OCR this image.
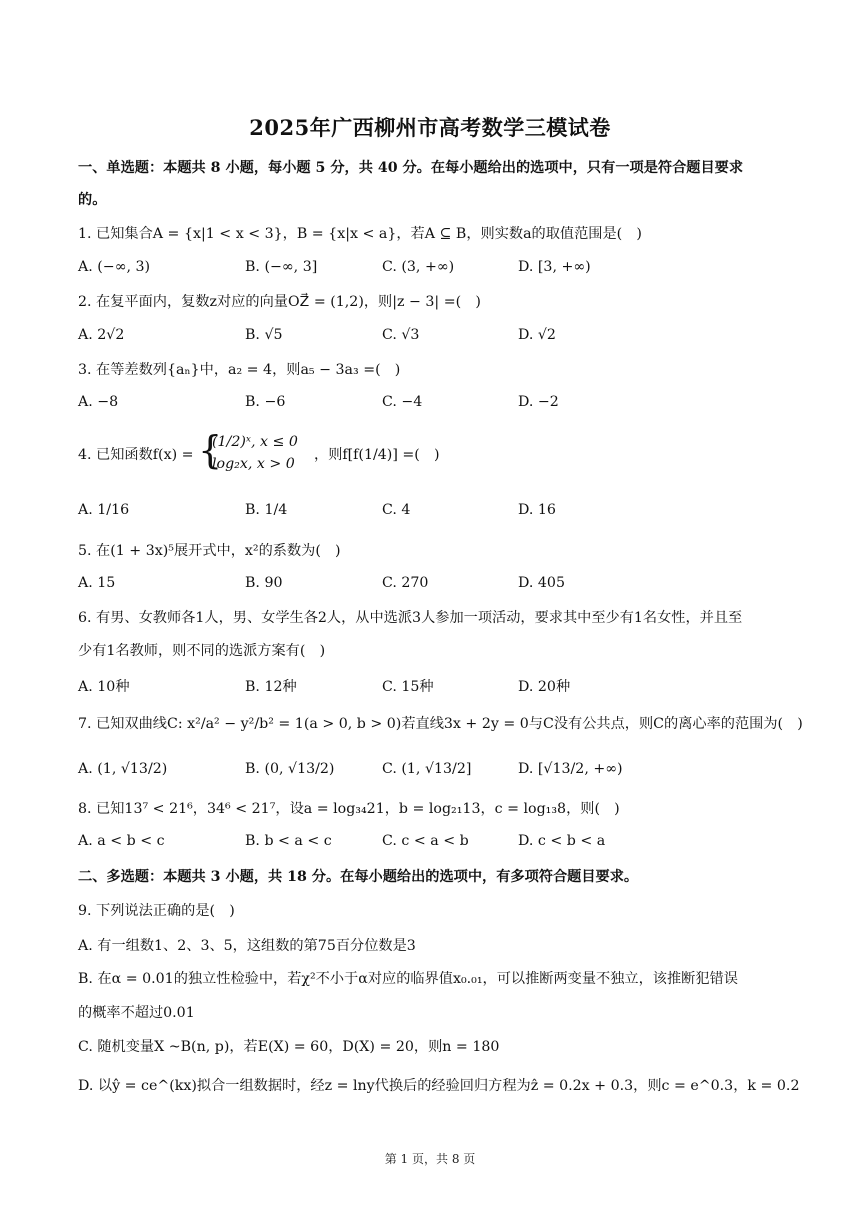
2025年广西柳州市高考数学三模试卷
一、单选题：本题共 8 小题，每小题 5 分，共 40 分。在每小题给出的选项中，只有一项是符合题目要求
的。
1. 已知集合A = {x|1 < x < 3}，B = {x|x < a}，若A ⊆ B，则实数a的取值范围是(　)
A. (−∞, 3)	B. (−∞, 3]	C. (3, +∞)	D. [3, +∞)
2. 在复平面内，复数z对应的向量OZ⃗ = (1,2)，则|z − 3| =(　)
A. 2√2	B. √5	C. √3	D. √2
3. 在等差数列{aₙ}中，a₂ = 4，则a₅ − 3a₃ =(　)
A. −8	B. −6	C. −4	D. −2
4. 已知函数f(x) = {
(1/2)ˣ, x ≤ 0
log₂x, x > 0
，则f[f(1/4)] =(　)
A. 1/16	B. 1/4	C. 4	D. 16
5. 在(1 + 3x)⁵展开式中，x²的系数为(　)
A. 15	B. 90	C. 270	D. 405
6. 有男、女教师各1人，男、女学生各2人，从中选派3人参加一项活动，要求其中至少有1名女性，并且至
少有1名教师，则不同的选派方案有(　)
A. 10种	B. 12种	C. 15种	D. 20种
7. 已知双曲线C: x²/a² − y²/b² = 1(a > 0, b > 0)若直线3x + 2y = 0与C没有公共点，则C的离心率的范围为(　)
A. (1, √13/2)	B. (0, √13/2)	C. (1, √13/2]	D. [√13/2, +∞)
8. 已知13⁷ < 21⁶，34⁶ < 21⁷，设a = log₃₄21，b = log₂₁13，c = log₁₃8，则(　)
A. a < b < c	B. b < a < c	C. c < a < b	D. c < b < a
二、多选题：本题共 3 小题，共 18 分。在每小题给出的选项中，有多项符合题目要求。
9. 下列说法正确的是(　)
A. 有一组数1、2、3、5，这组数的第75百分位数是3
B. 在α = 0.01的独立性检验中，若χ²不小于α对应的临界值x₀.₀₁，可以推断两变量不独立，该推断犯错误
的概率不超过0.01
C. 随机变量X ~B(n, p)，若E(X) = 60，D(X) = 20，则n = 180
D. 以ŷ = ce^(kx)拟合一组数据时，经z = lny代换后的经验回归方程为ẑ = 0.2x + 0.3，则c = e^0.3，k = 0.2
第 1 页，共 8 页
